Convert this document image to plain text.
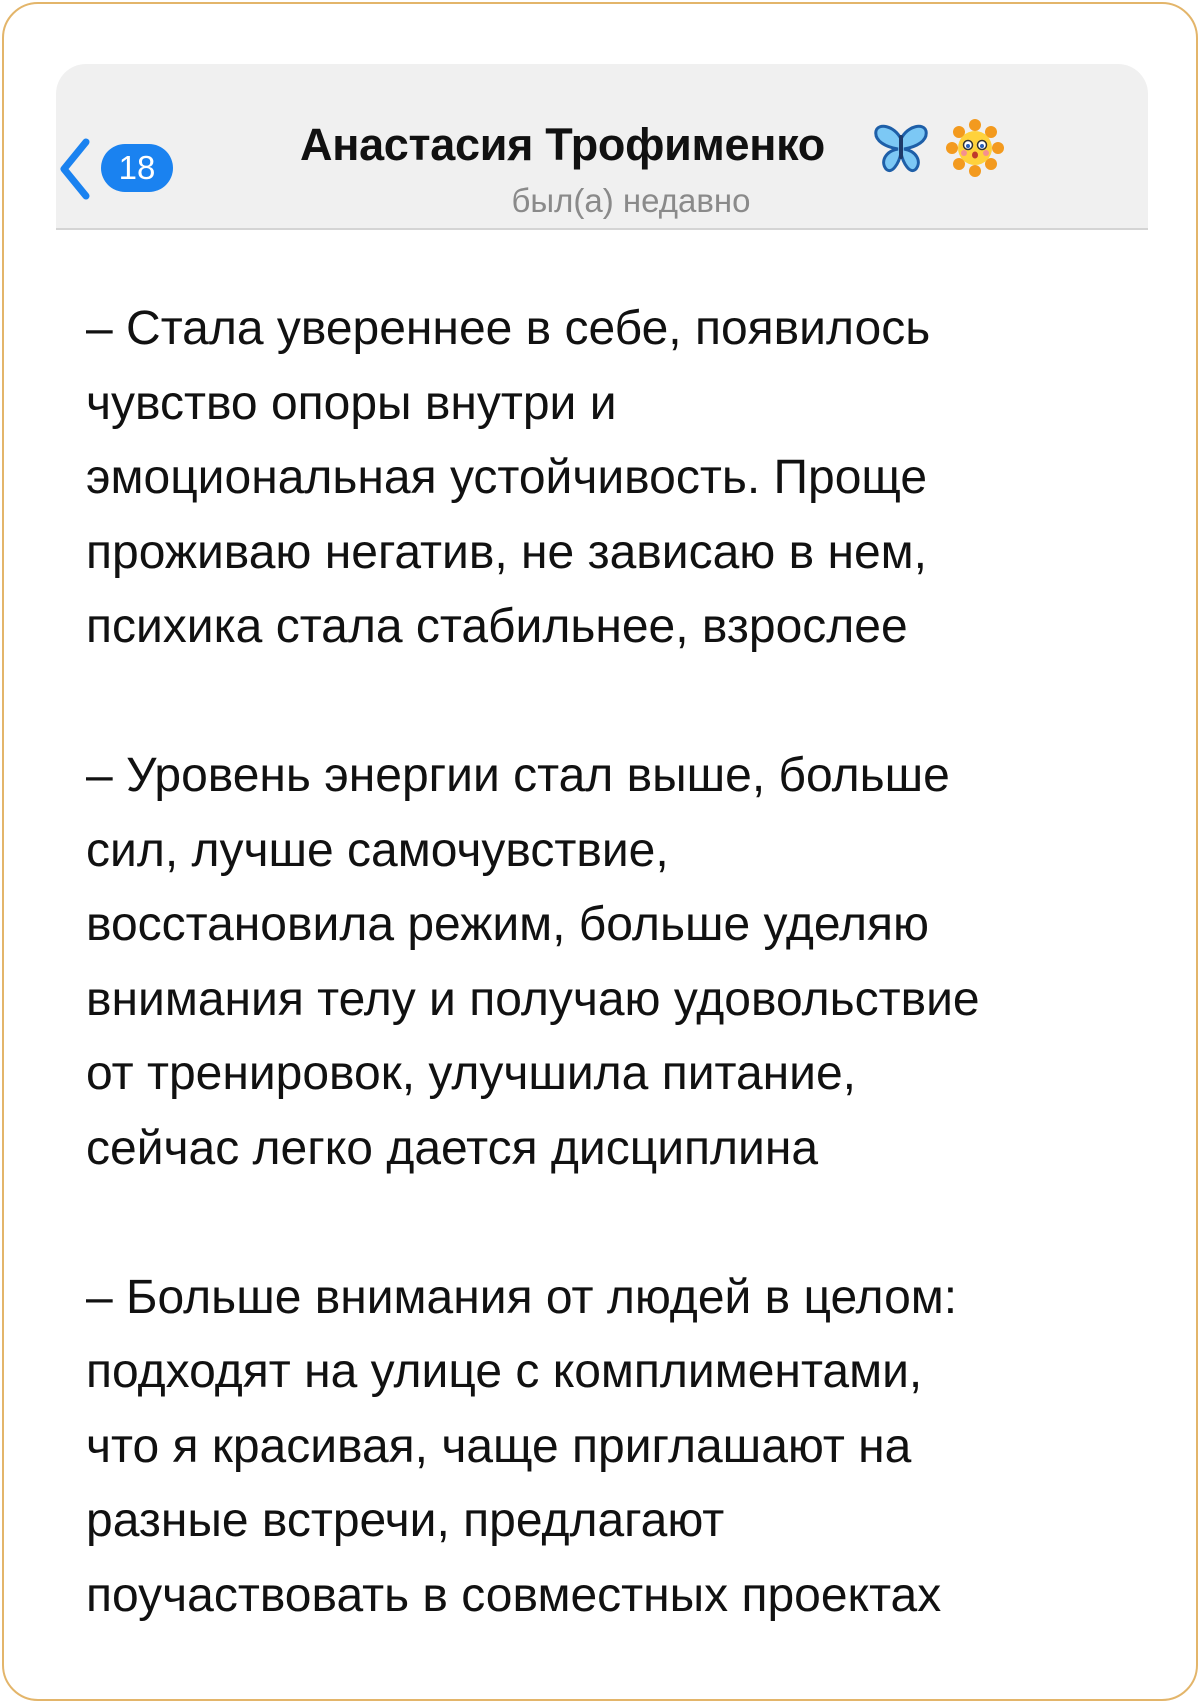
18	Анастасия Трофименко
был(а) недавно

– Стала увереннее в себе, появилось
чувство опоры внутри и
эмоциональная устойчивость. Проще
проживаю негатив, не зависаю в нем,
психика стала стабильнее, взрослее

– Уровень энергии стал выше, больше
сил, лучше самочувствие,
восстановила режим, больше уделяю
внимания телу и получаю удовольствие
от тренировок, улучшила питание,
сейчас легко дается дисциплина

– Больше внимания от людей в целом:
подходят на улице с комплиментами,
что я красивая, чаще приглашают на
разные встречи, предлагают
поучаствовать в совместных проектах
